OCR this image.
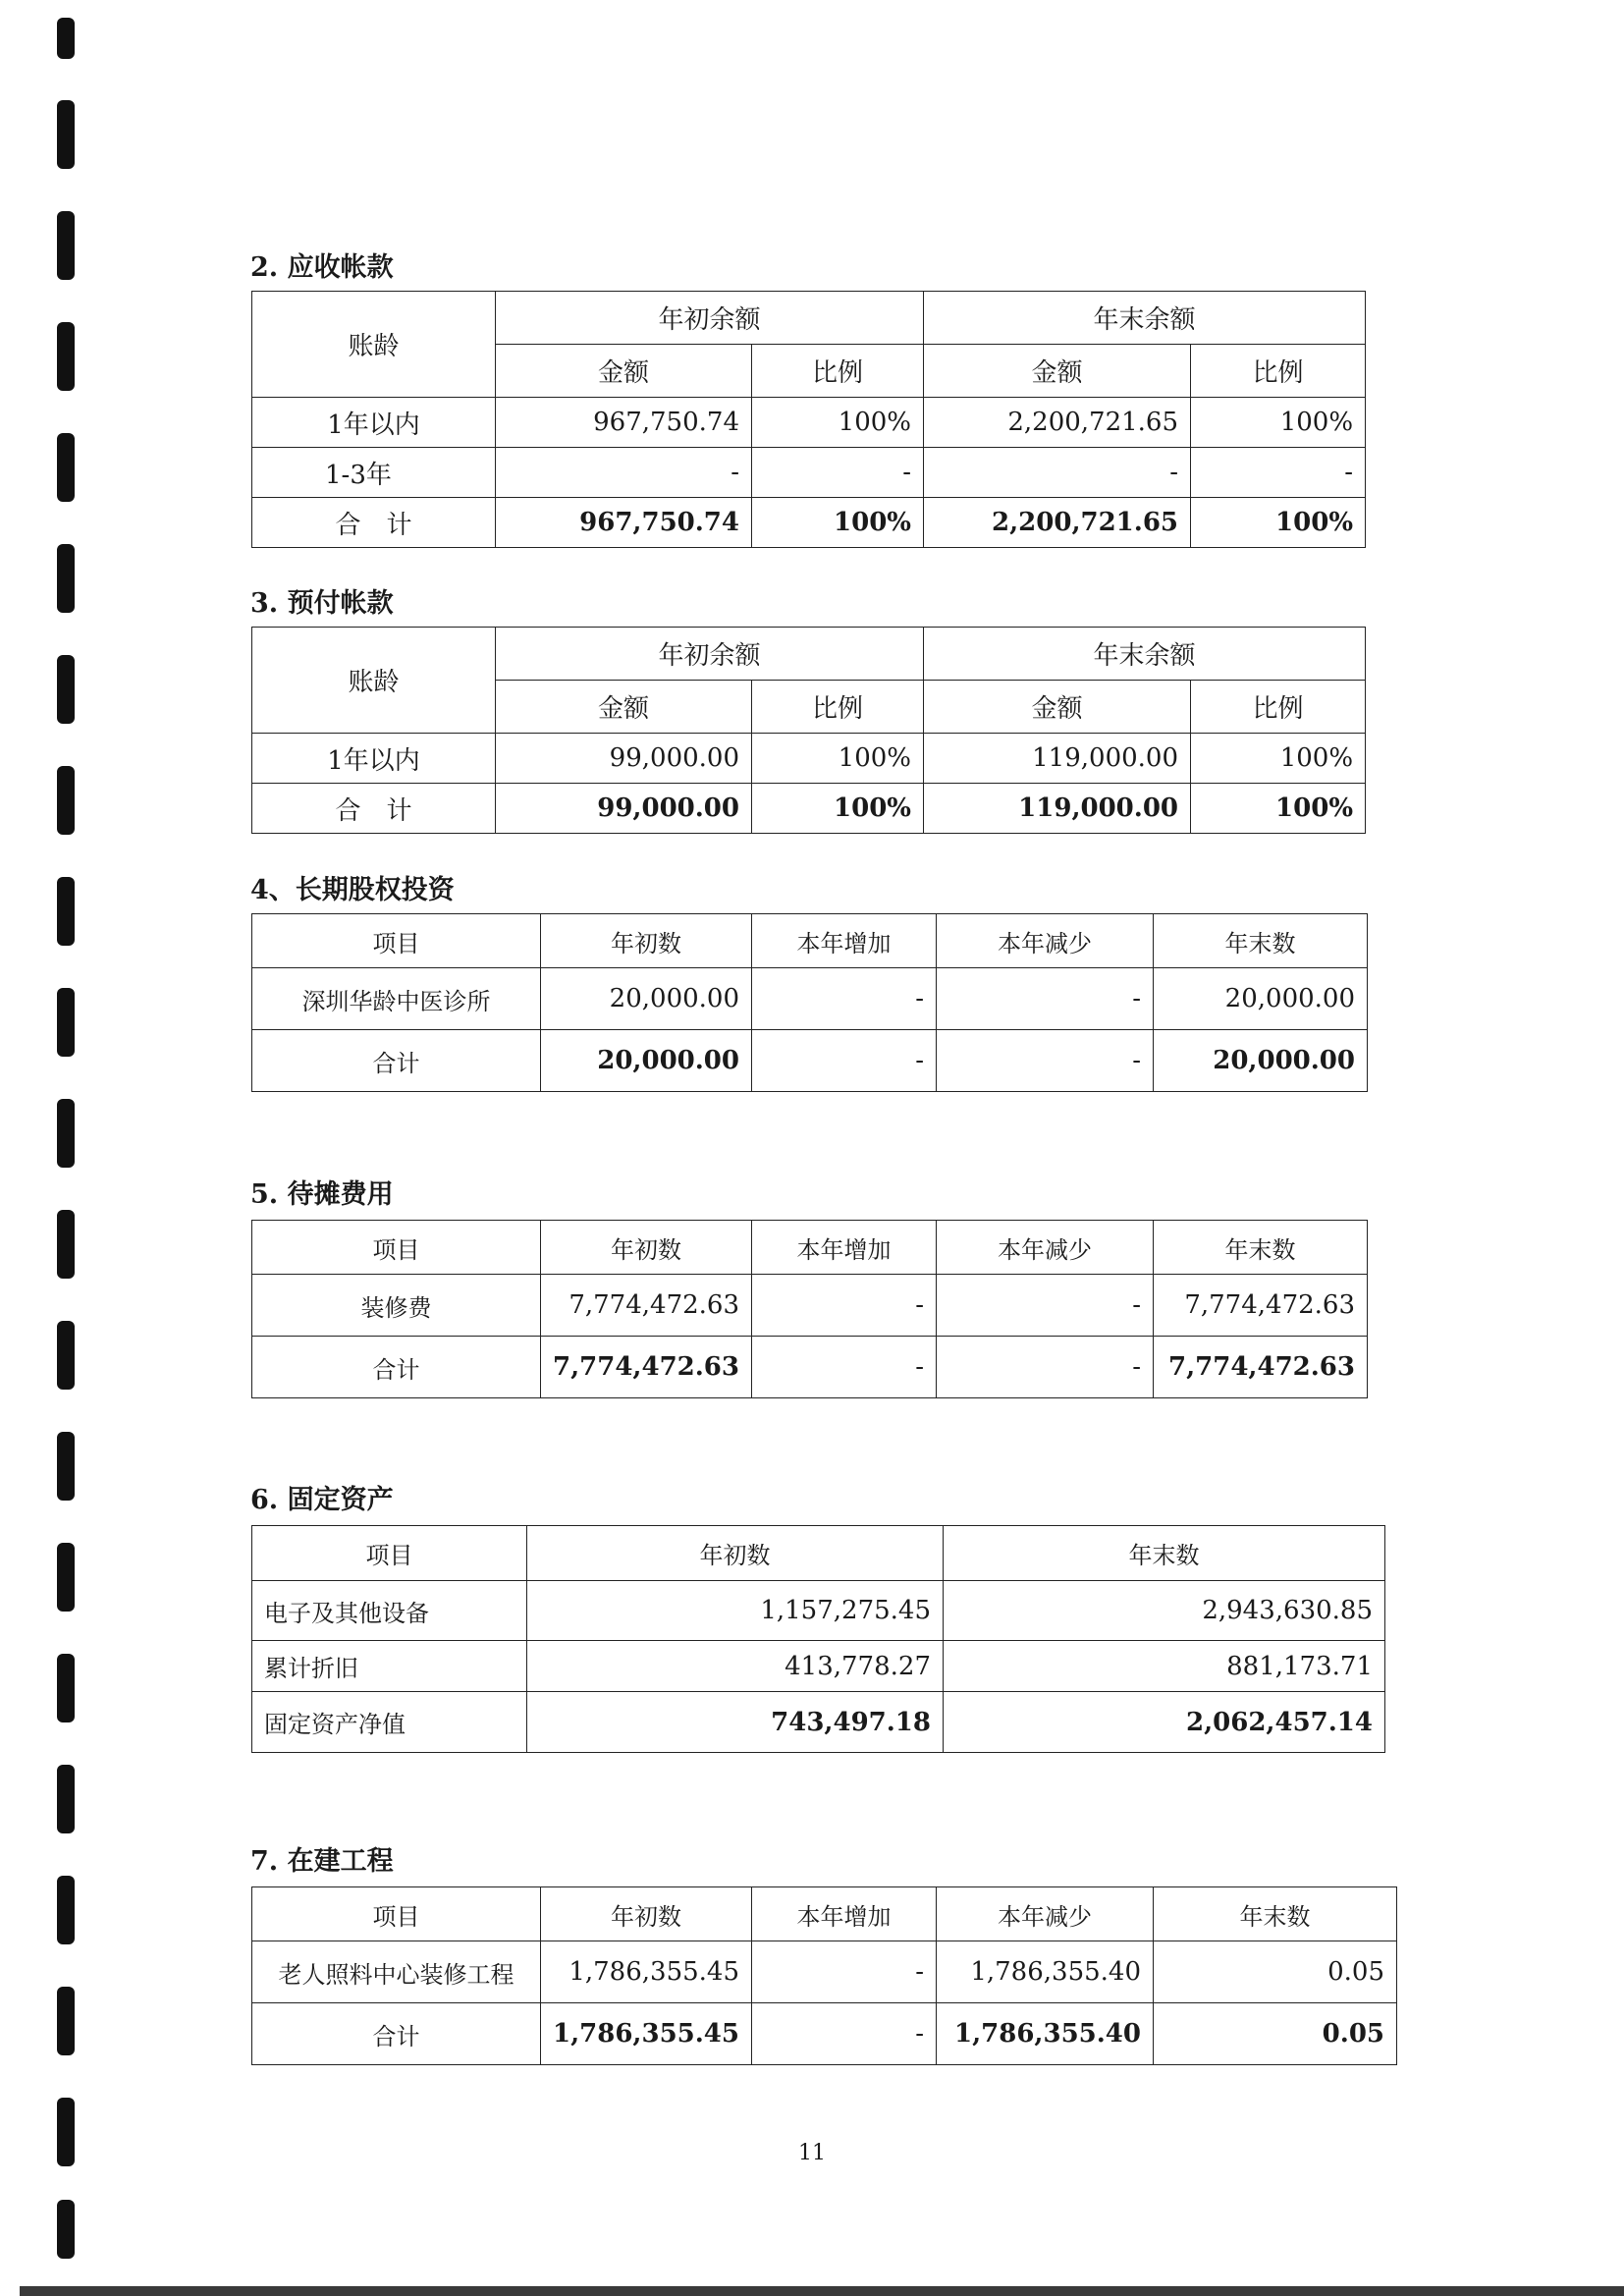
2. 应收帐款
账龄	年初余额		年末余额	
	金额	比例	金额	比例
1年以内	967,750.74	100%	2,200,721.65	100%
1-3年	-	-	-	-
合　计	967,750.74	100%	2,200,721.65	100%
3. 预付帐款
账龄	年初余额		年末余额	
	金额	比例	金额	比例
1年以内	99,000.00	100%	119,000.00	100%
合　计	99,000.00	100%	119,000.00	100%
4、长期股权投资
项目	年初数	本年增加	本年减少	年末数
深圳华龄中医诊所	20,000.00	-	-	20,000.00
合计	20,000.00	-	-	20,000.00
5. 待摊费用
项目	年初数	本年增加	本年减少	年末数
装修费	7,774,472.63	-	-	7,774,472.63
合计	7,774,472.63	-	-	7,774,472.63
6. 固定资产
项目	年初数	年末数
电子及其他设备	1,157,275.45	2,943,630.85
累计折旧	413,778.27	881,173.71
固定资产净值	743,497.18	2,062,457.14
7. 在建工程
项目	年初数	本年增加	本年减少	年末数
老人照料中心装修工程	1,786,355.45	-	1,786,355.40	0.05
合计	1,786,355.45	-	1,786,355.40	0.05
11
